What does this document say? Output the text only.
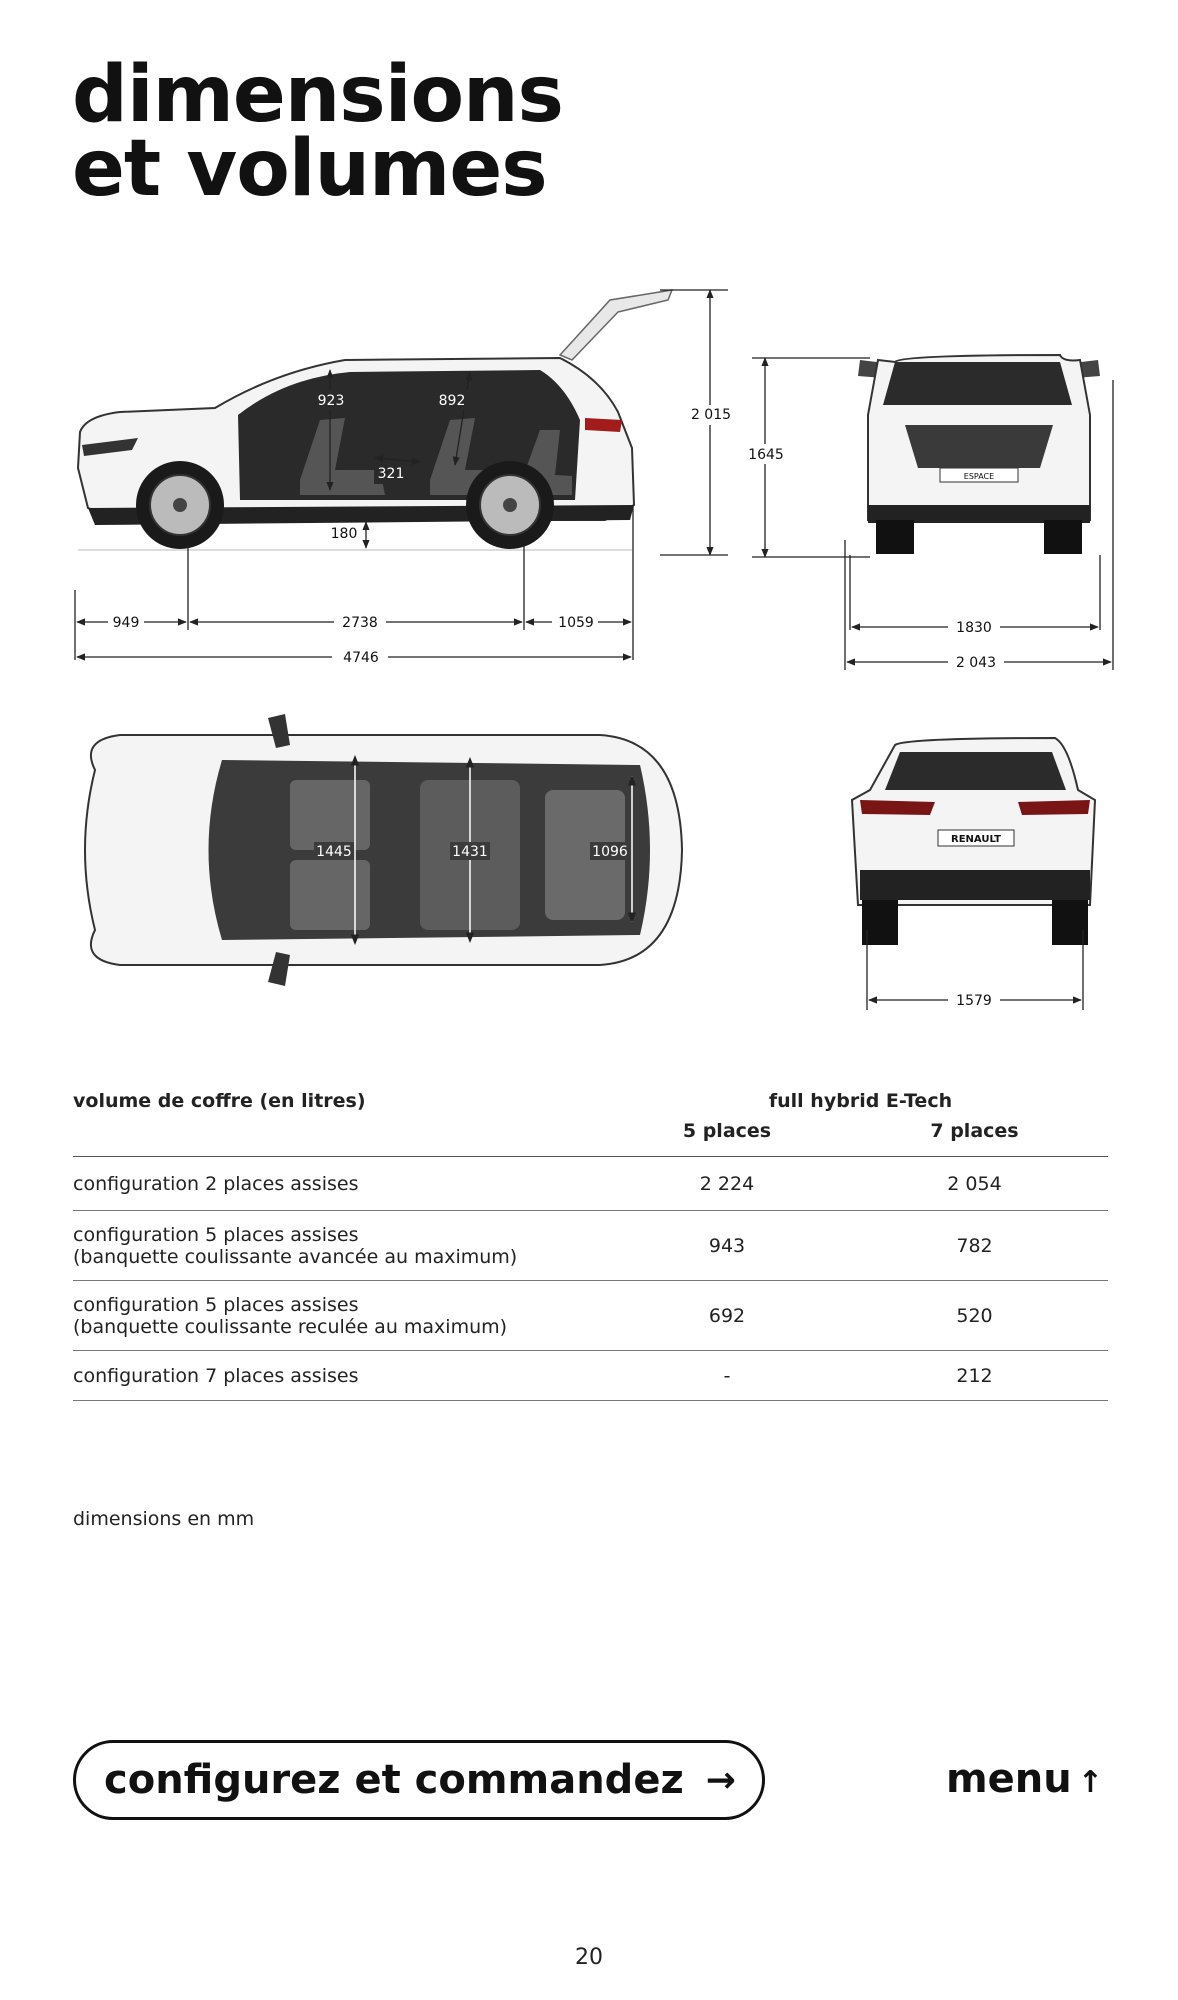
dimensions
et volumes
923	892
321
180
2 015
949	2738	1059
4746
ESPACE
1645
1830
2 043
1445	1431	1096
RENAULT
1579
volume de coffre (en litres)	full hybrid E-Tech	
	5 places	7 places
configuration 2 places assises	2 224	2 054
configuration 5 places assises
(banquette coulissante avancée au maximum)	943	782
configuration 5 places assises
(banquette coulissante reculée au maximum)	692	520
configuration 7 places assises	-	212
dimensions en mm
configurez et commandez →	menu ↑
20
